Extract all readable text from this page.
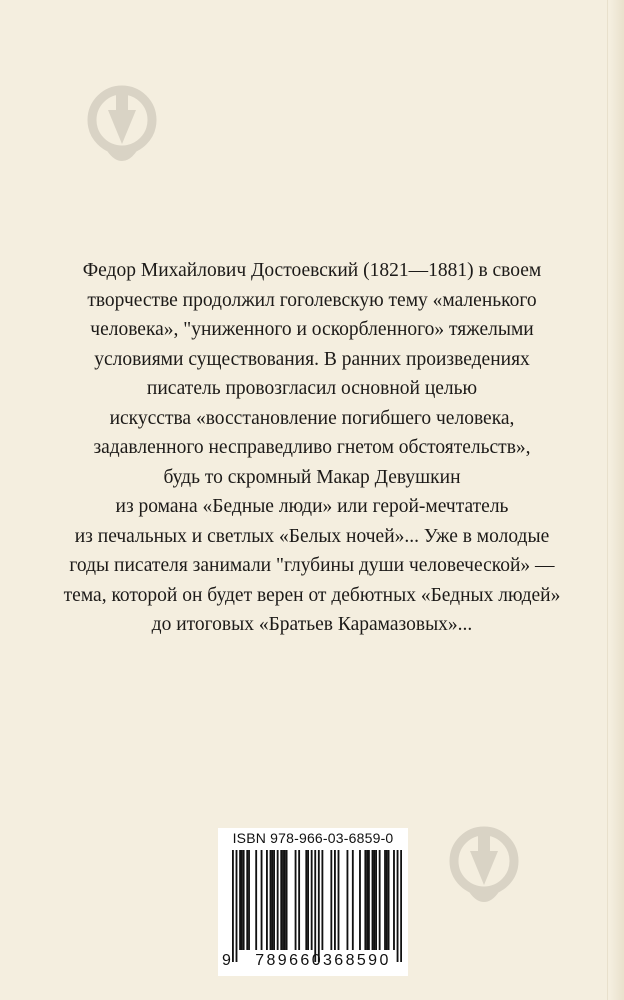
Федор Михайлович Достоевский (1821—1881) в своем
творчестве продолжил гоголевскую тему «маленького
человека», "униженного и оскорбленного» тяжелыми
условиями существования. В ранних произведениях
писатель провозгласил основной целью
искусства «восстановление погибшего человека,
задавленного несправедливо гнетом обстоятельств»,
будь то скромный Макар Девушкин
из романа «Бедные люди» или герой-мечтатель
из печальных и светлых «Белых ночей»... Уже в молодые
годы писателя занимали "глубины души человеческой» —
тема, которой он будет верен от дебютных «Бедных людей»
до итоговых «Братьев Карамазовых»...
ISBN 978-966-03-6859-0
9	789660368590
